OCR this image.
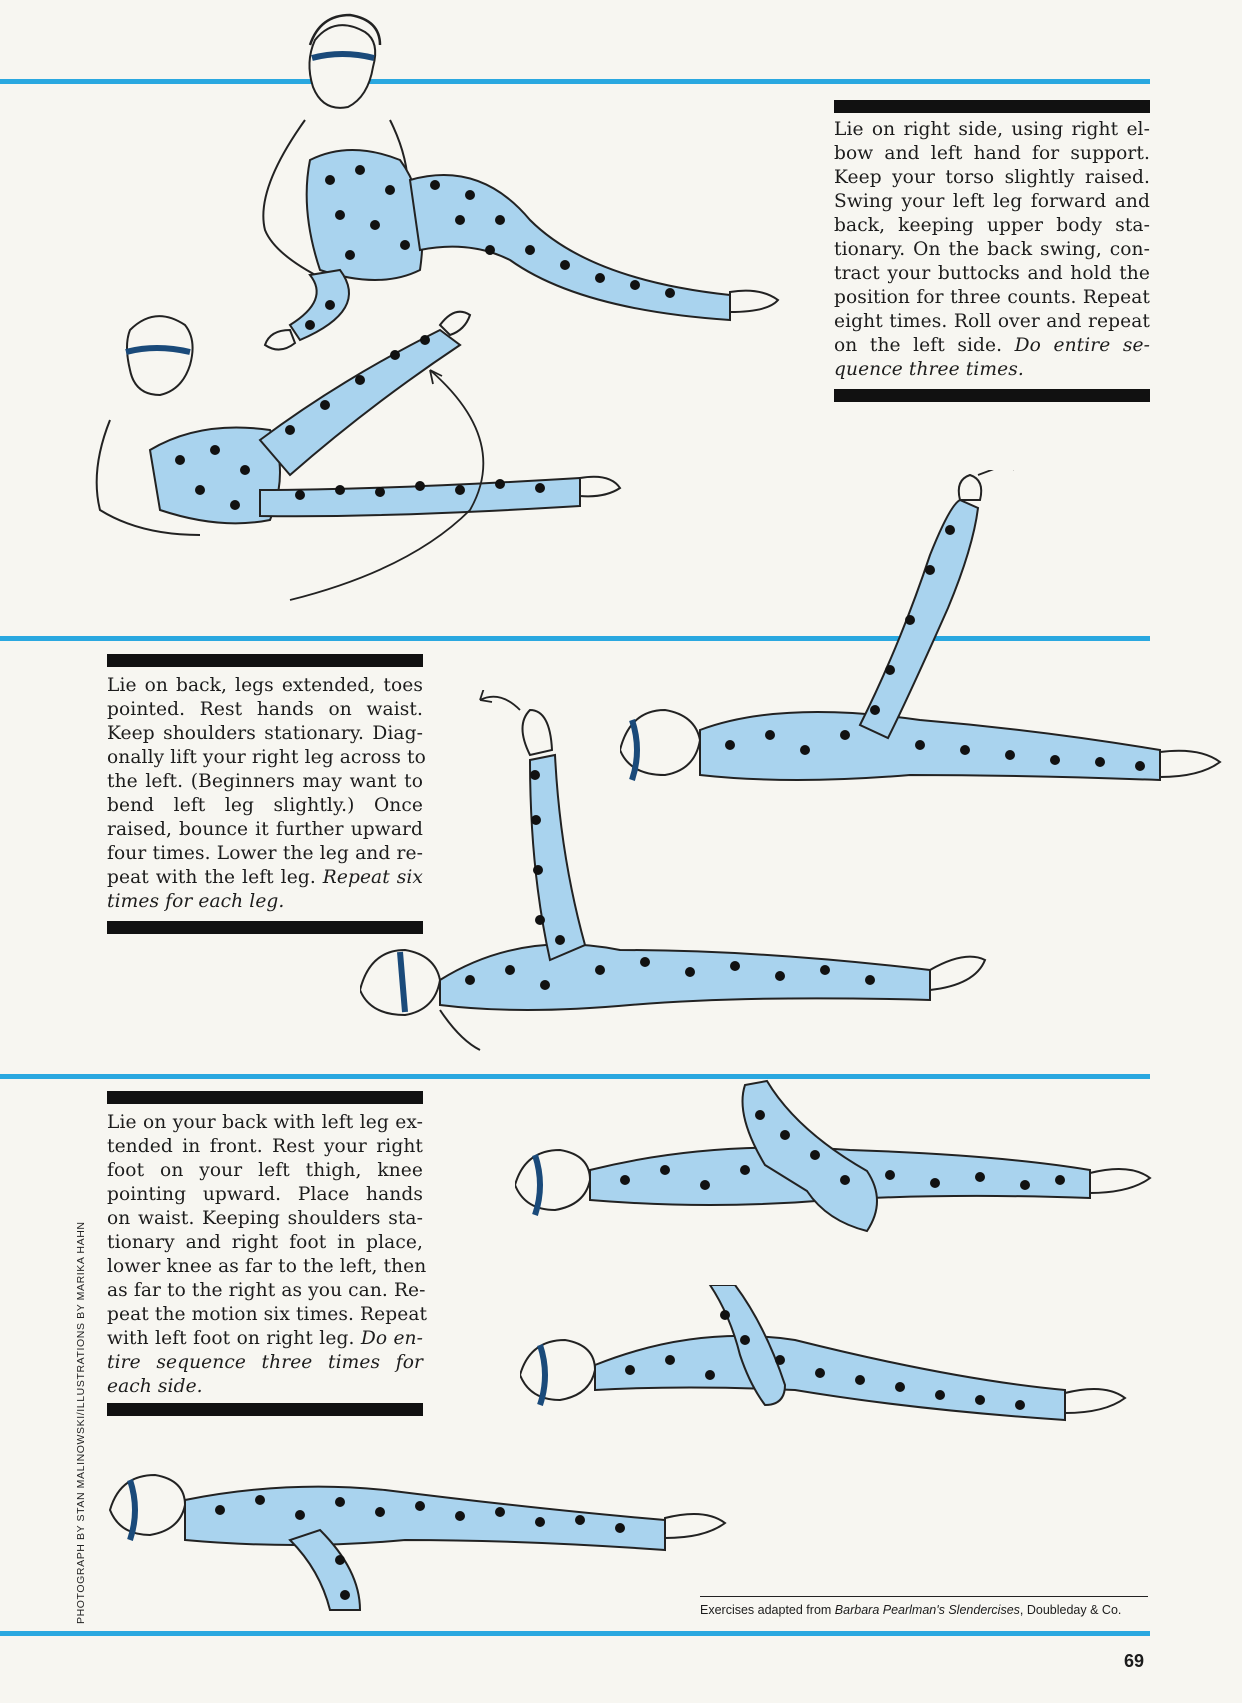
Lie on right side, using right el-
bow and left hand for support.
Keep your torso slightly raised.
Swing your left leg forward and
back, keeping upper body sta-
tionary. On the back swing, con-
tract your buttocks and hold the
position for three counts. Repeat
eight times. Roll over and repeat
on the left side. Do entire se-
quence three times.
Lie on back, legs extended, toes
pointed. Rest hands on waist.
Keep shoulders stationary. Diag-
onally lift your right leg across to
the left. (Beginners may want to
bend left leg slightly.) Once
raised, bounce it further upward
four times. Lower the leg and re-
peat with the left leg. Repeat six
times for each leg.
Lie on your back with left leg ex-
tended in front. Rest your right
foot on your left thigh, knee
pointing upward. Place hands
on waist. Keeping shoulders sta-
tionary and right foot in place,
lower knee as far to the left, then
as far to the right as you can. Re-
peat the motion six times. Repeat
with left foot on right leg. Do en-
tire sequence three times for
each side.
PHOTOGRAPH BY STAN MALINOWSKI/ILLUSTRATIONS BY MARIKA HAHN	Exercises adapted from Barbara Pearlman's Slendercises, Doubleday & Co.
69
